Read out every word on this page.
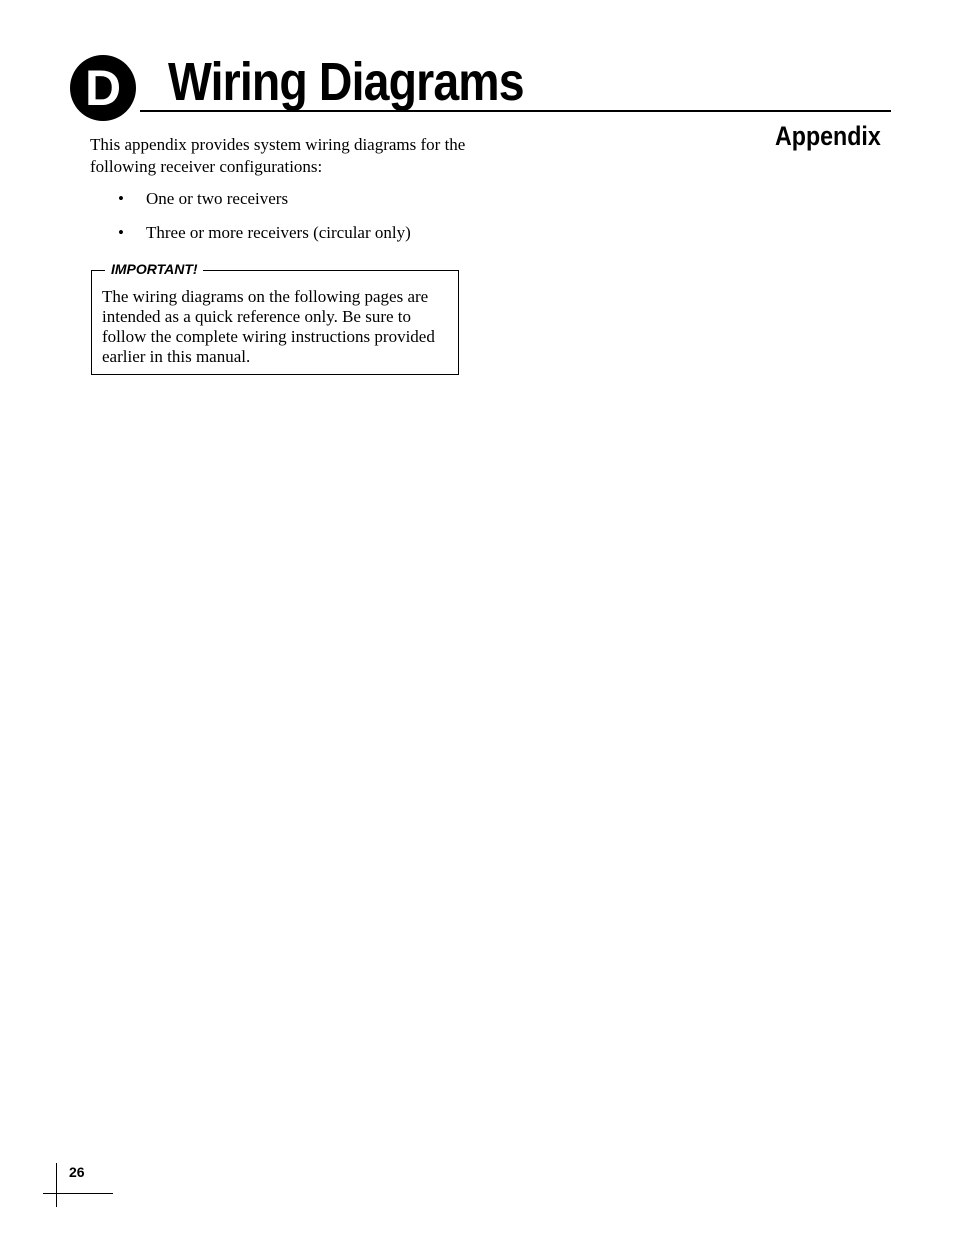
D Wiring Diagrams
Appendix

This appendix provides system wiring diagrams for the following receiver configurations:

• One or two receivers
• Three or more receivers (circular only)
IMPORTANT!

The wiring diagrams on the following pages are intended as a quick reference only. Be sure to follow the complete wiring instructions provided earlier in this manual.

26
